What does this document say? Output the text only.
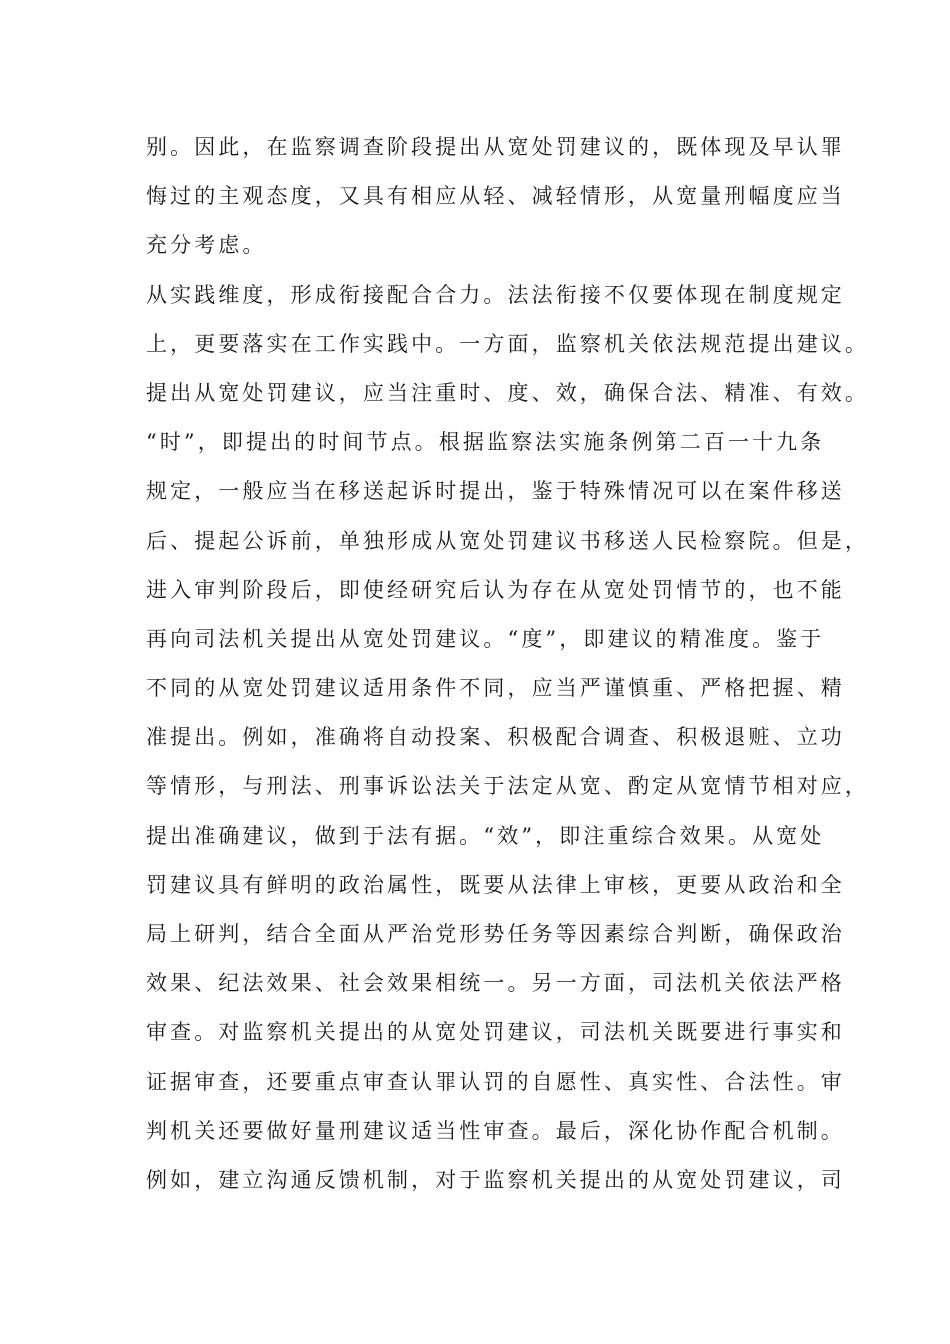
别。因此，在监察调查阶段提出从宽处罚建议的，既体现及早认罪
悔过的主观态度，又具有相应从轻、减轻情形，从宽量刑幅度应当
充分考虑。
从实践维度，形成衔接配合合力。法法衔接不仅要体现在制度规定
上，更要落实在工作实践中。一方面，监察机关依法规范提出建议。
提出从宽处罚建议，应当注重时、度、效，确保合法、精准、有效。
“时”，即提出的时间节点。根据监察法实施条例第二百一十九条
规定，一般应当在移送起诉时提出，鉴于特殊情况可以在案件移送
后、提起公诉前，单独形成从宽处罚建议书移送人民检察院。但是，
进入审判阶段后，即使经研究后认为存在从宽处罚情节的，也不能
再向司法机关提出从宽处罚建议。“度”，即建议的精准度。鉴于
不同的从宽处罚建议适用条件不同，应当严谨慎重、严格把握、精
准提出。例如，准确将自动投案、积极配合调查、积极退赃、立功
等情形，与刑法、刑事诉讼法关于法定从宽、酌定从宽情节相对应，
提出准确建议，做到于法有据。“效”，即注重综合效果。从宽处
罚建议具有鲜明的政治属性，既要从法律上审核，更要从政治和全
局上研判，结合全面从严治党形势任务等因素综合判断，确保政治
效果、纪法效果、社会效果相统一。另一方面，司法机关依法严格
审查。对监察机关提出的从宽处罚建议，司法机关既要进行事实和
证据审查，还要重点审查认罪认罚的自愿性、真实性、合法性。审
判机关还要做好量刑建议适当性审查。最后，深化协作配合机制。
例如，建立沟通反馈机制，对于监察机关提出的从宽处罚建议，司
